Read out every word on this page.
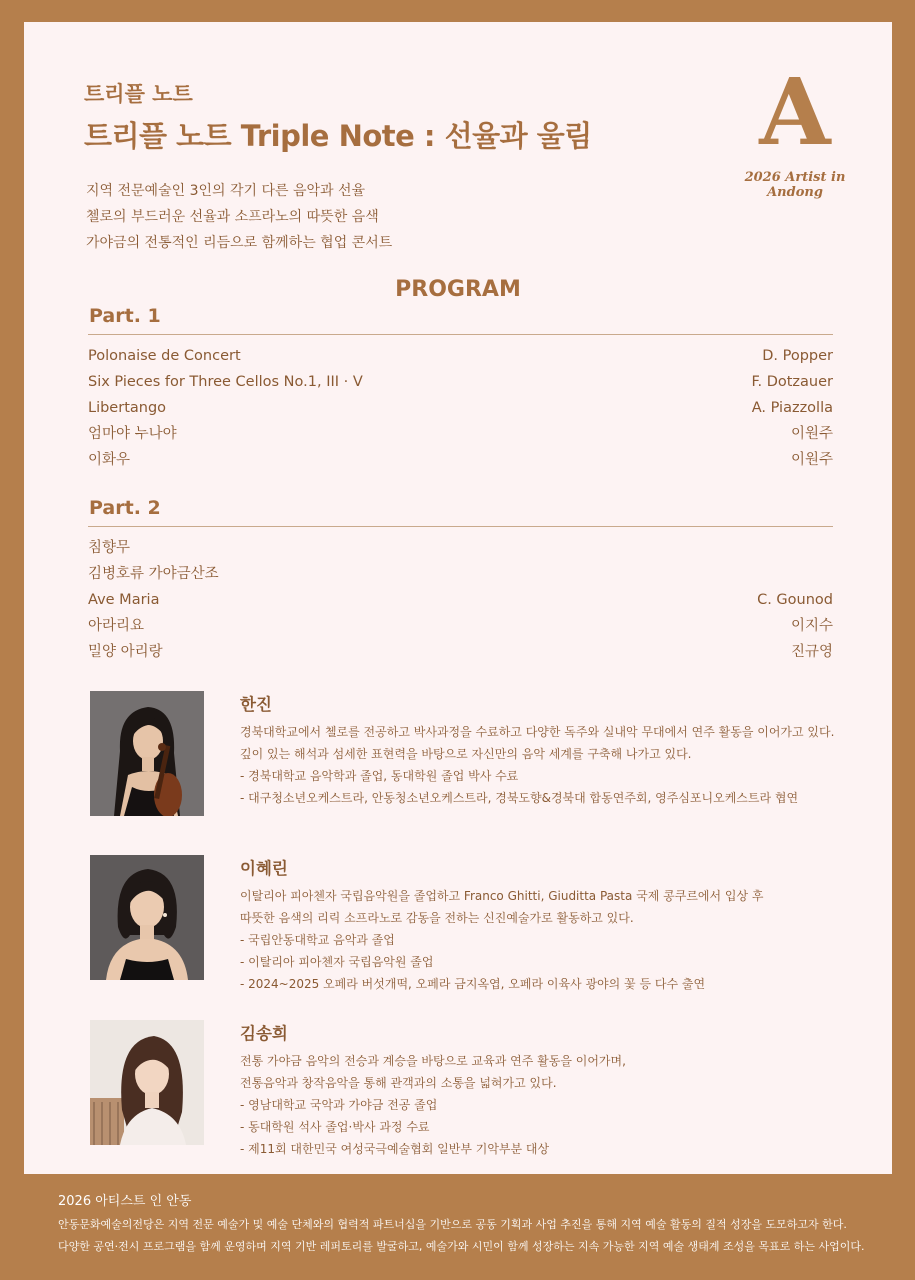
트리플 노트
트리플 노트 Triple Note : 선율과 울림
지역 전문예술인 3인의 각기 다른 음악과 선율
첼로의 부드러운 선율과 소프라노의 따뜻한 음색
가야금의 전통적인 리듬으로 함께하는 협업 콘서트
A
2026 Artist in Andong
PROGRAM
Part. 1
Polonaise de Concert	D. Popper
Six Pieces for Three Cellos No.1, III · V	F. Dotzauer
Libertango	A. Piazzolla
엄마야 누나야	이원주
이화우	이원주
Part. 2
침향무
김병호류 가야금산조
Ave Maria	C. Gounod
아라리요	이지수
밀양 아리랑	진규영
한진
경북대학교에서 첼로를 전공하고 박사과정을 수료하고 다양한 독주와 실내악 무대에서 연주 활동을 이어가고 있다.
깊이 있는 해석과 섬세한 표현력을 바탕으로 자신만의 음악 세계를 구축해 나가고 있다.
- 경북대학교 음악학과 졸업, 동대학원 졸업 박사 수료
- 대구청소년오케스트라, 안동청소년오케스트라, 경북도향&경북대 합동연주회, 영주심포니오케스트라 협연
이혜린
이탈리아 피아첸자 국립음악원을 졸업하고 Franco Ghitti, Giuditta Pasta 국제 콩쿠르에서 입상 후
따뜻한 음색의 리릭 소프라노로 감동을 전하는 신진예술가로 활동하고 있다.
- 국립안동대학교 음악과 졸업
- 이탈리아 피아첸자 국립음악원 졸업
- 2024~2025 오페라 버섯개떡, 오페라 금지옥엽, 오페라 이육사 광야의 꽃 등 다수 출연
김송희
전통 가야금 음악의 전승과 계승을 바탕으로 교육과 연주 활동을 이어가며,
전통음악과 창작음악을 통해 관객과의 소통을 넓혀가고 있다.
- 영남대학교 국악과 가야금 전공 졸업
- 동대학원 석사 졸업·박사 과정 수료
- 제11회 대한민국 여성국극예술협회 일반부 기악부분 대상
2026 아티스트 인 안동
안동문화예술의전당은 지역 전문 예술가 및 예술 단체와의 협력적 파트너십을 기반으로 공동 기획과 사업 추진을 통해 지역 예술 활동의 질적 성장을 도모하고자 한다.
다양한 공연·전시 프로그램을 함께 운영하며 지역 기반 레퍼토리를 발굴하고, 예술가와 시민이 함께 성장하는 지속 가능한 지역 예술 생태계 조성을 목표로 하는 사업이다.
